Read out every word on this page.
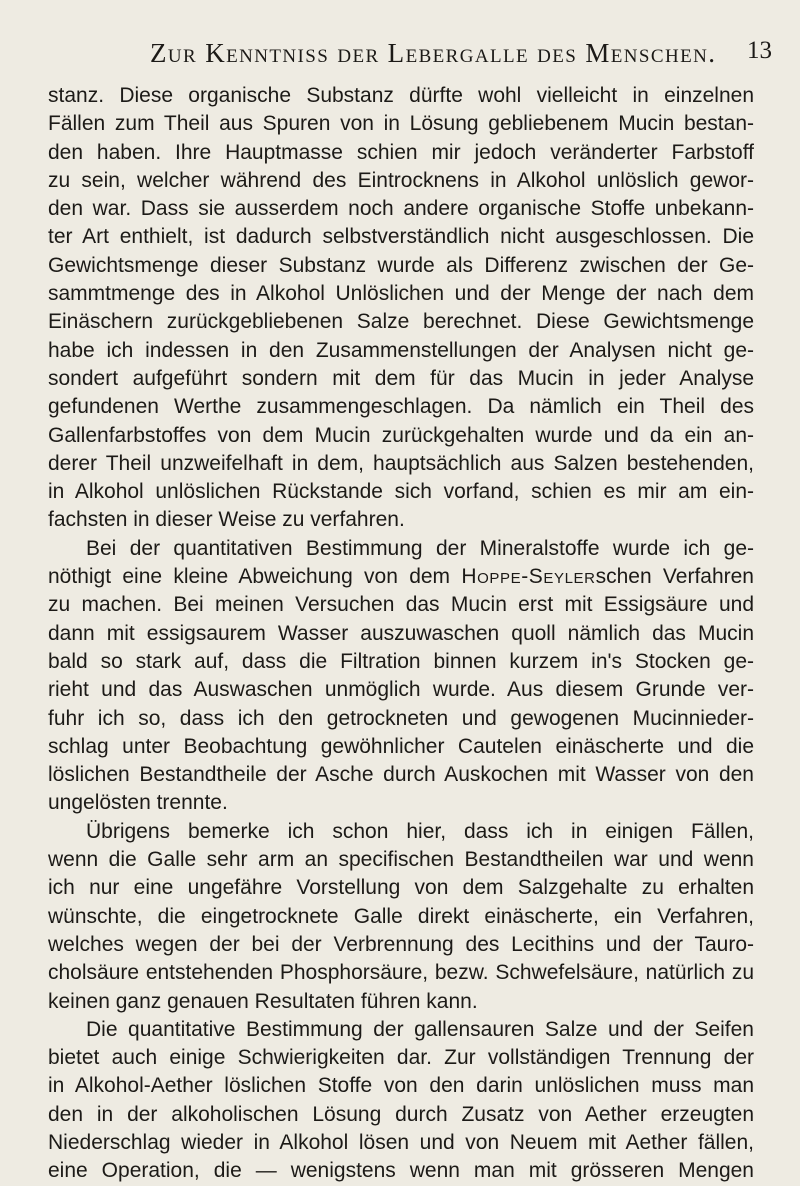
Zur Kenntniss der Lebergalle des Menschen. 13
stanz. Diese organische Substanz dürfte wohl vielleicht in einzelnen
Fällen zum Theil aus Spuren von in Lösung gebliebenem Mucin bestan-
den haben. Ihre Hauptmasse schien mir jedoch veränderter Farbstoff
zu sein, welcher während des Eintrocknens in Alkohol unlöslich gewor-
den war. Dass sie ausserdem noch andere organische Stoffe unbekann-
ter Art enthielt, ist dadurch selbstverständlich nicht ausgeschlossen. Die
Gewichtsmenge dieser Substanz wurde als Differenz zwischen der Ge-
sammtmenge des in Alkohol Unlöslichen und der Menge der nach dem
Einäschern zurückgebliebenen Salze berechnet. Diese Gewichtsmenge
habe ich indessen in den Zusammenstellungen der Analysen nicht ge-
sondert aufgeführt sondern mit dem für das Mucin in jeder Analyse
gefundenen Werthe zusammengeschlagen. Da nämlich ein Theil des
Gallenfarbstoffes von dem Mucin zurückgehalten wurde und da ein an-
derer Theil unzweifelhaft in dem, hauptsächlich aus Salzen bestehenden,
in Alkohol unlöslichen Rückstande sich vorfand, schien es mir am ein-
fachsten in dieser Weise zu verfahren.
Bei der quantitativen Bestimmung der Mineralstoffe wurde ich ge-
nöthigt eine kleine Abweichung von dem Hoppe-Seylerschen Verfahren
zu machen. Bei meinen Versuchen das Mucin erst mit Essigsäure und
dann mit essigsaurem Wasser auszuwaschen quoll nämlich das Mucin
bald so stark auf, dass die Filtration binnen kurzem in's Stocken ge-
rieht und das Auswaschen unmöglich wurde. Aus diesem Grunde ver-
fuhr ich so, dass ich den getrockneten und gewogenen Mucinnieder-
schlag unter Beobachtung gewöhnlicher Cautelen einäscherte und die
löslichen Bestandtheile der Asche durch Auskochen mit Wasser von den
ungelösten trennte.
Übrigens bemerke ich schon hier, dass ich in einigen Fällen,
wenn die Galle sehr arm an specifischen Bestandtheilen war und wenn
ich nur eine ungefähre Vorstellung von dem Salzgehalte zu erhalten
wünschte, die eingetrocknete Galle direkt einäscherte, ein Verfahren,
welches wegen der bei der Verbrennung des Lecithins und der Tauro-
cholsäure entstehenden Phosphorsäure, bezw. Schwefelsäure, natürlich zu
keinen ganz genauen Resultaten führen kann.
Die quantitative Bestimmung der gallensauren Salze und der Seifen
bietet auch einige Schwierigkeiten dar. Zur vollständigen Trennung der
in Alkohol-Aether löslichen Stoffe von den darin unlöslichen muss man
den in der alkoholischen Lösung durch Zusatz von Aether erzeugten
Niederschlag wieder in Alkohol lösen und von Neuem mit Aether fällen,
eine Operation, die — wenigstens wenn man mit grösseren Mengen
